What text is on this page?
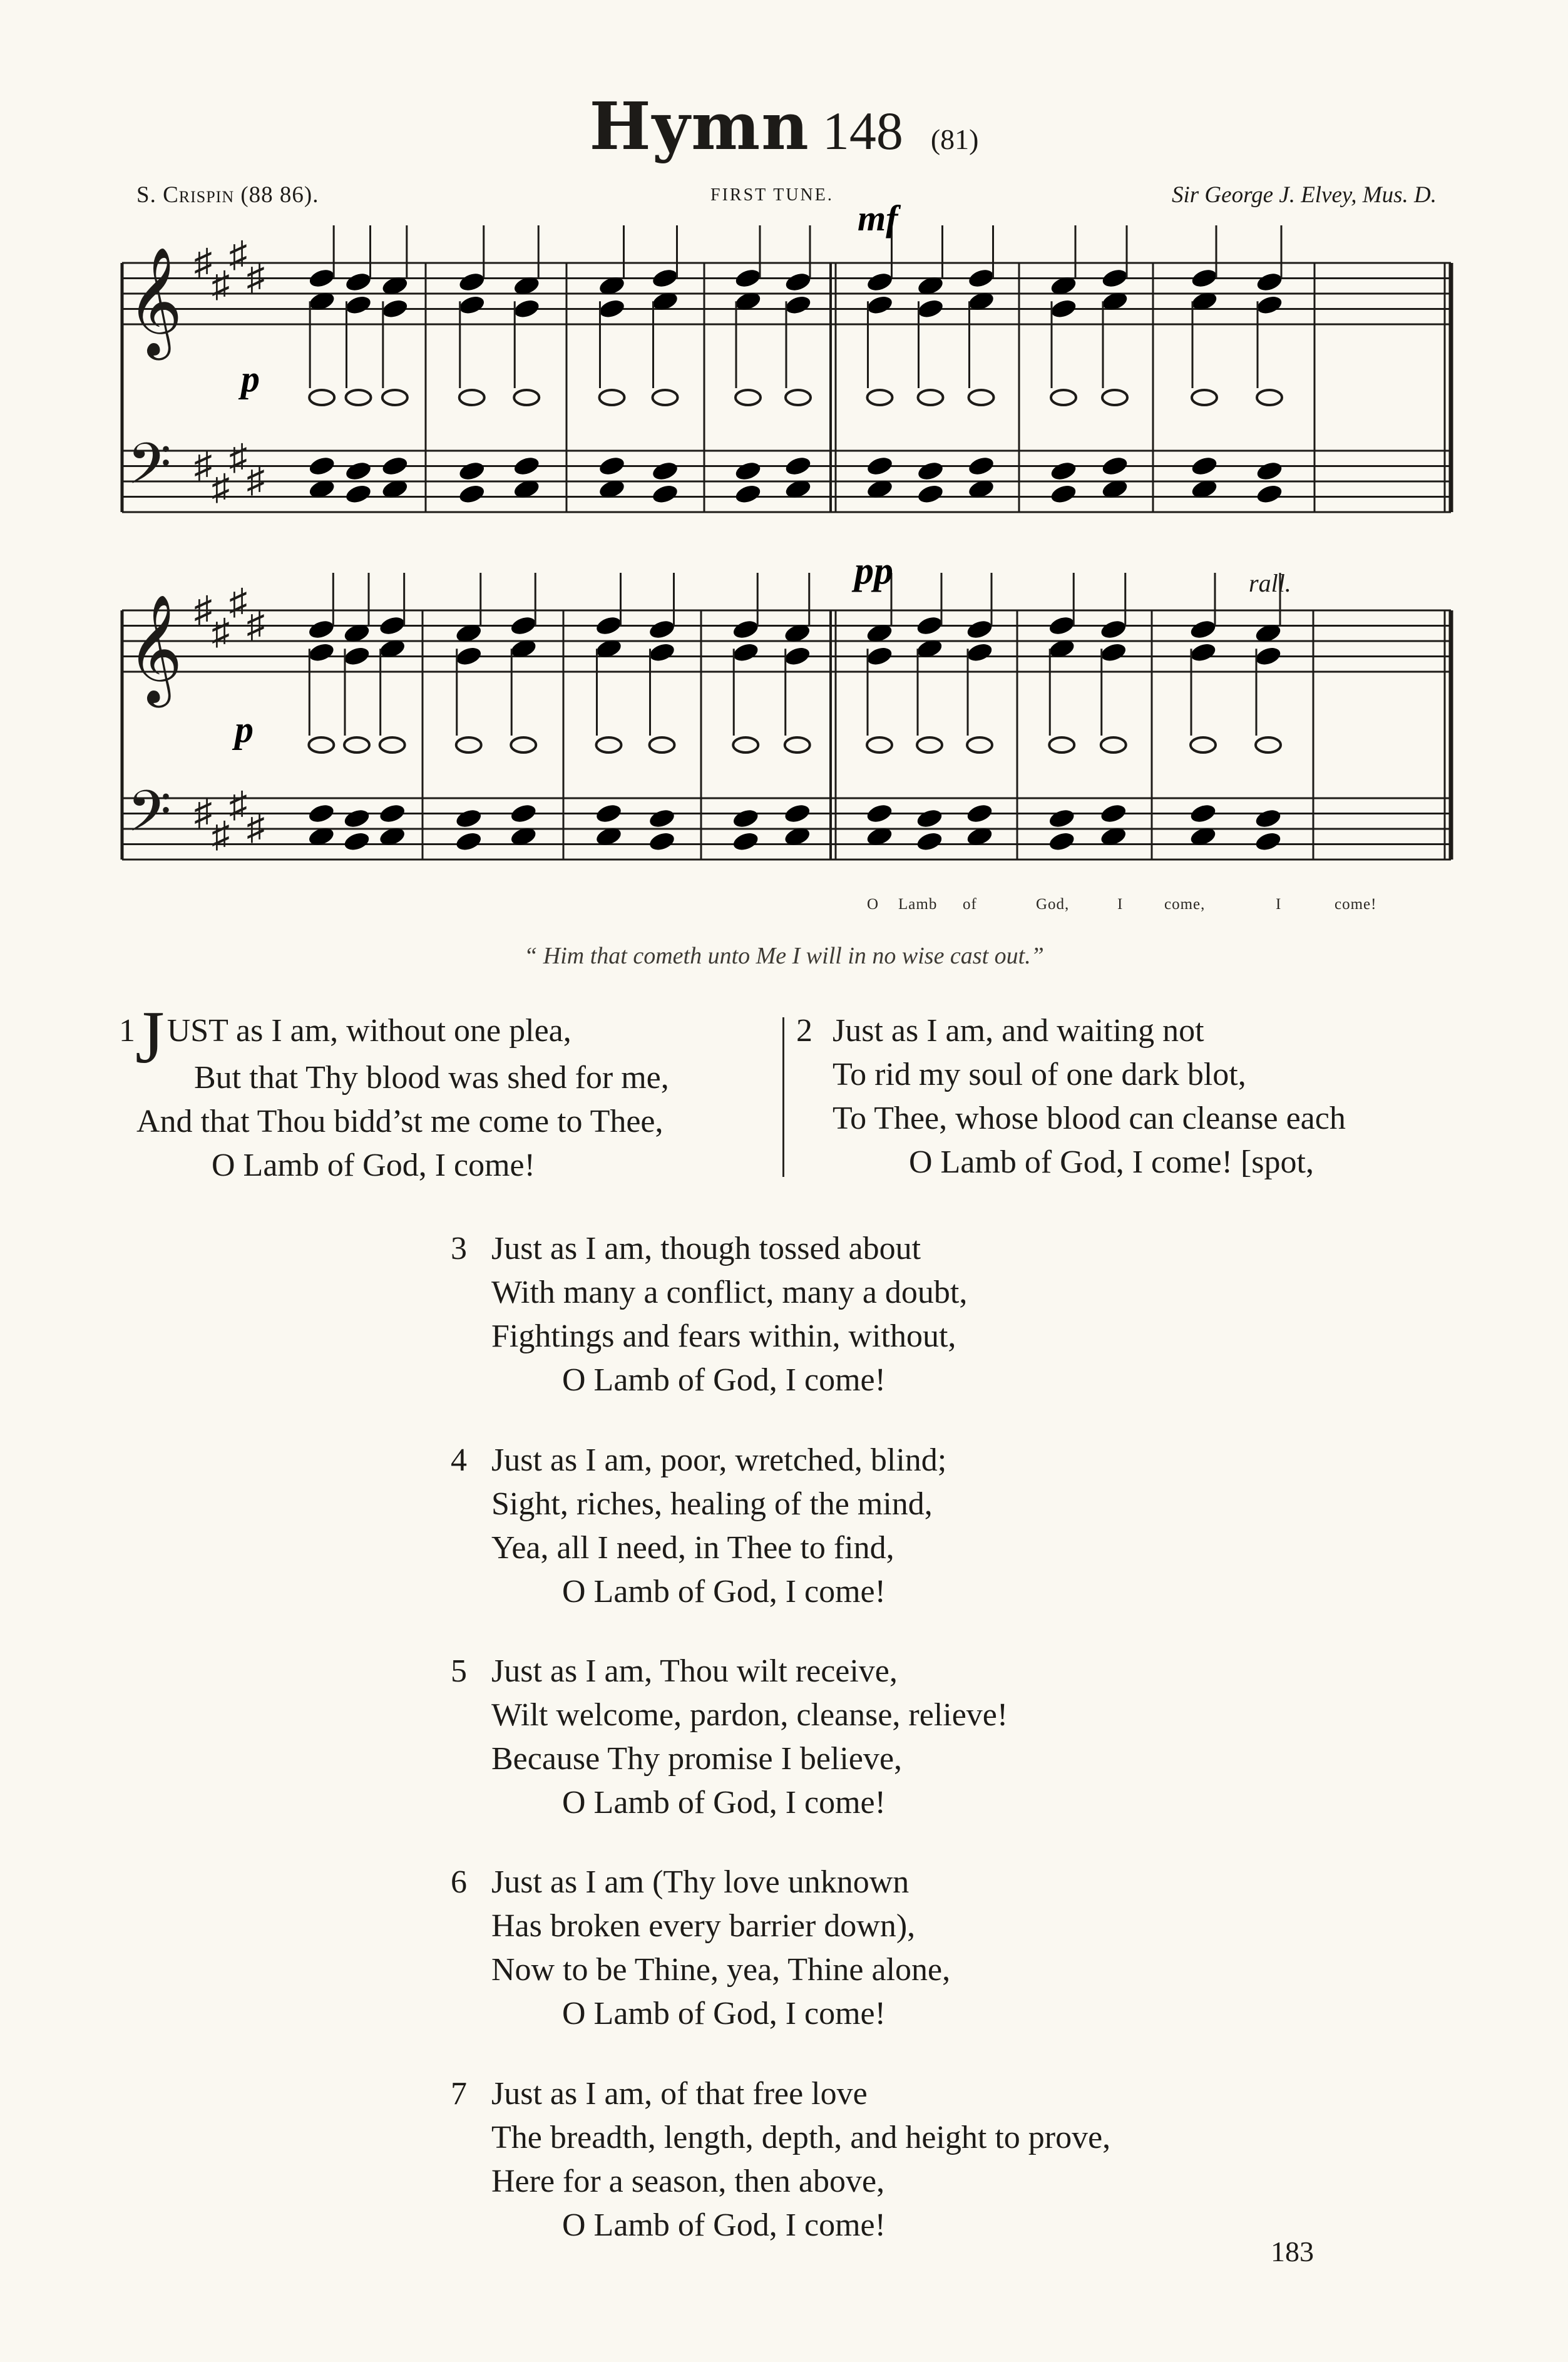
Hymn 148 (81)
S. Crispin (88 86).	FIRST TUNE.	Sir George J. Elvey, Mus. D.
𝄞
𝄢
♯
♯
♯
♯
♯
♯
♯
♯
𝄞
𝄢
♯
♯
♯
♯
♯
♯
♯
♯
p
mf
p
pp	rall.
O Lamb of	God,	I	come,	I	come!
“ Him that cometh unto Me I will in no wise cast out.”
1JUST as I am, without one plea,
But that Thy blood was shed for me,
And that Thou bidd’st me come to Thee,
O Lamb of God, I come!
2 Just as I am, and waiting not
To rid my soul of one dark blot,
To Thee, whose blood can cleanse each
O Lamb of God, I come! [spot,
3 Just as I am, though tossed about
With many a conflict, many a doubt,
Fightings and fears within, without,
O Lamb of God, I come!
4 Just as I am, poor, wretched, blind;
Sight, riches, healing of the mind,
Yea, all I need, in Thee to find,
O Lamb of God, I come!
5 Just as I am, Thou wilt receive,
Wilt welcome, pardon, cleanse, relieve!
Because Thy promise I believe,
O Lamb of God, I come!
6 Just as I am (Thy love unknown
Has broken every barrier down),
Now to be Thine, yea, Thine alone,
O Lamb of God, I come!
7 Just as I am, of that free love
The breadth, length, depth, and height to prove,
Here for a season, then above,
O Lamb of God, I come!
183
